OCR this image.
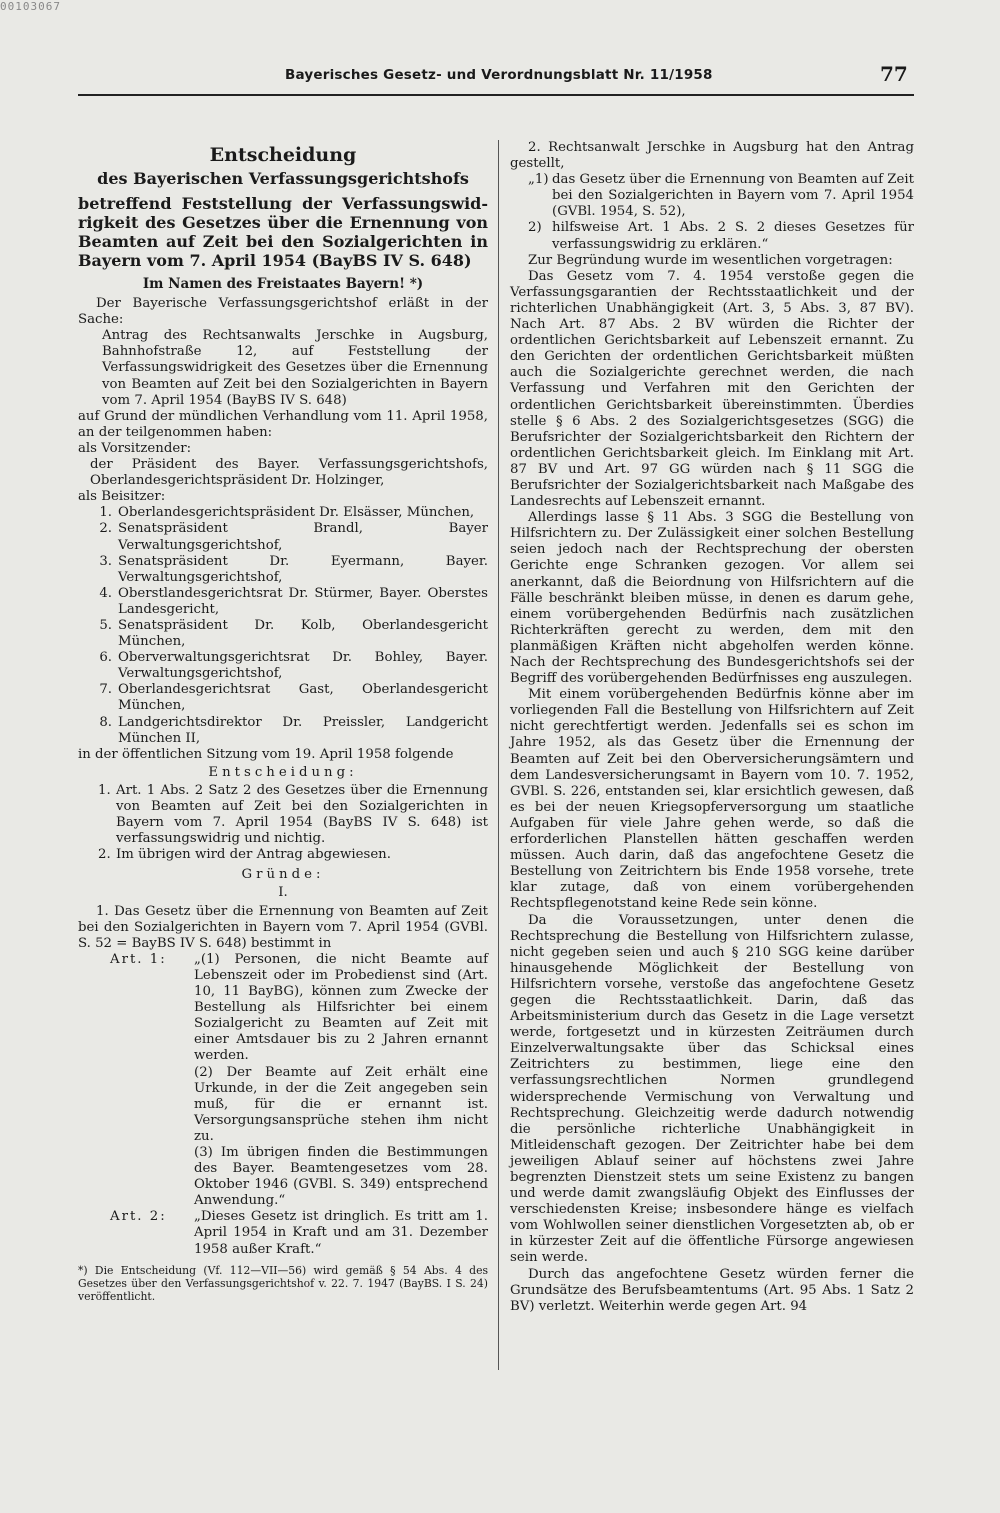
00103067
Bayerisches Gesetz- und Verordnungsblatt Nr. 11/1958	77

Entscheidung

des Bayerischen Verfassungsgerichtshofs

betreffend Feststellung der Verfassungswid-
rigkeit des Gesetzes über die Ernennung von
Beamten auf Zeit bei den Sozialgerichten in
Bayern vom 7. April 1954 (BayBS IV S. 648)

Im Namen des Freistaates Bayern! *)

Der Bayerische Verfassungsgerichtshof erläßt in der Sache:

Antrag des Rechtsanwalts Jerschke in Augsburg, Bahnhofstraße 12, auf Feststellung der Verfassungswidrigkeit des Gesetzes über die Ernennung von Beamten auf Zeit bei den Sozialgerichten in Bayern vom 7. April 1954 (BayBS IV S. 648)

auf Grund der mündlichen Verhandlung vom 11. April 1958, an der teilgenommen haben:

als Vorsitzender:

der Präsident des Bayer. Verfassungsgerichtshofs, Oberlandesgerichtspräsident Dr. Holzinger,

als Beisitzer:

1. Oberlandesgerichtspräsident Dr. Elsässer, München,
2. Senatspräsident Brandl, Bayer Verwaltungsgerichtshof,
3. Senatspräsident Dr. Eyermann, Bayer. Verwaltungsgerichtshof,
4. Oberstlandesgerichtsrat Dr. Stürmer, Bayer. Oberstes Landesgericht,
5. Senatspräsident Dr. Kolb, Oberlandesgericht München,
6. Oberverwaltungsgerichtsrat Dr. Bohley, Bayer. Verwaltungsgerichtshof,
7. Oberlandesgerichtsrat Gast, Oberlandesgericht München,
8. Landgerichtsdirektor Dr. Preissler, Landgericht München II,

in der öffentlichen Sitzung vom 19. April 1958 folgende

Entscheidung:

1. Art. 1 Abs. 2 Satz 2 des Gesetzes über die Ernennung von Beamten auf Zeit bei den Sozialgerichten in Bayern vom 7. April 1954 (BayBS IV S. 648) ist verfassungswidrig und nichtig.
2. Im übrigen wird der Antrag abgewiesen.

Gründe:

I.

1. Das Gesetz über die Ernennung von Beamten auf Zeit bei den Sozialgerichten in Bayern vom 7. April 1954 (GVBl. S. 52 = BayBS IV S. 648) bestimmt in

Art. 1:	„(1) Personen, die nicht Beamte auf Lebenszeit oder im Probedienst sind (Art. 10, 11 BayBG), können zum Zwecke der Bestellung als Hilfsrichter bei einem Sozialgericht zu Beamten auf Zeit mit einer Amtsdauer bis zu 2 Jahren ernannt werden.
(2) Der Beamte auf Zeit erhält eine Urkunde, in der die Zeit angegeben sein muß, für die er ernannt ist. Versorgungsansprüche stehen ihm nicht zu.
(3) Im übrigen finden die Bestimmungen des Bayer. Beamtengesetzes vom 28. Oktober 1946 (GVBl. S. 349) entsprechend Anwendung.“
Art. 2:	„Dieses Gesetz ist dringlich. Es tritt am 1. April 1954 in Kraft und am 31. Dezember 1958 außer Kraft.“

*) Die Entscheidung (Vf. 112—VII—56) wird gemäß § 54 Abs. 4 des Gesetzes über den Verfassungsgerichtshof v. 22. 7. 1947 (BayBS. I S. 24) veröffentlicht.

2. Rechtsanwalt Jerschke in Augsburg hat den Antrag gestellt,

„1) das Gesetz über die Ernennung von Beamten auf Zeit bei den Sozialgerichten in Bayern vom 7. April 1954 (GVBl. 1954, S. 52),
2) hilfsweise Art. 1 Abs. 2 S. 2 dieses Gesetzes für verfassungswidrig zu erklären.“

Zur Begründung wurde im wesentlichen vorgetragen:

Das Gesetz vom 7. 4. 1954 verstoße gegen die Verfassungsgarantien der Rechtsstaatlichkeit und der richterlichen Unabhängigkeit (Art. 3, 5 Abs. 3, 87 BV). Nach Art. 87 Abs. 2 BV würden die Richter der ordentlichen Gerichtsbarkeit auf Lebenszeit ernannt. Zu den Gerichten der ordentlichen Gerichtsbarkeit müßten auch die Sozialgerichte gerechnet werden, die nach Verfassung und Verfahren mit den Gerichten der ordentlichen Gerichtsbarkeit übereinstimmten. Überdies stelle § 6 Abs. 2 des Sozialgerichtsgesetzes (SGG) die Berufsrichter der Sozialgerichtsbarkeit den Richtern der ordentlichen Gerichtsbarkeit gleich. Im Einklang mit Art. 87 BV und Art. 97 GG würden nach § 11 SGG die Berufsrichter der Sozialgerichtsbarkeit nach Maßgabe des Landesrechts auf Lebenszeit ernannt.

Allerdings lasse § 11 Abs. 3 SGG die Bestellung von Hilfsrichtern zu. Der Zulässigkeit einer solchen Bestellung seien jedoch nach der Rechtsprechung der obersten Gerichte enge Schranken gezogen. Vor allem sei anerkannt, daß die Beiordnung von Hilfsrichtern auf die Fälle beschränkt bleiben müsse, in denen es darum gehe, einem vorübergehenden Bedürfnis nach zusätzlichen Richterkräften gerecht zu werden, dem mit den planmäßigen Kräften nicht abgeholfen werden könne. Nach der Rechtsprechung des Bundesgerichtshofs sei der Begriff des vorübergehenden Bedürfnisses eng auszulegen.

Mit einem vorübergehenden Bedürfnis könne aber im vorliegenden Fall die Bestellung von Hilfsrichtern auf Zeit nicht gerechtfertigt werden. Jedenfalls sei es schon im Jahre 1952, als das Gesetz über die Ernennung der Beamten auf Zeit bei den Oberversicherungsämtern und dem Landesversicherungsamt in Bayern vom 10. 7. 1952, GVBl. S. 226, entstanden sei, klar ersichtlich gewesen, daß es bei der neuen Kriegsopferversorgung um staatliche Aufgaben für viele Jahre gehen werde, so daß die erforderlichen Planstellen hätten geschaffen werden müssen. Auch darin, daß das angefochtene Gesetz die Bestellung von Zeitrichtern bis Ende 1958 vorsehe, trete klar zutage, daß von einem vorübergehenden Rechtspflegenotstand keine Rede sein könne.

Da die Voraussetzungen, unter denen die Rechtsprechung die Bestellung von Hilfsrichtern zulasse, nicht gegeben seien und auch § 210 SGG keine darüber hinausgehende Möglichkeit der Bestellung von Hilfsrichtern vorsehe, verstoße das angefochtene Gesetz gegen die Rechtsstaatlichkeit. Darin, daß das Arbeitsministerium durch das Gesetz in die Lage versetzt werde, fortgesetzt und in kürzesten Zeiträumen durch Einzelverwaltungsakte über das Schicksal eines Zeitrichters zu bestimmen, liege eine den verfassungsrechtlichen Normen grundlegend widersprechende Vermischung von Verwaltung und Rechtsprechung. Gleichzeitig werde dadurch notwendig die persönliche richterliche Unabhängigkeit in Mitleidenschaft gezogen. Der Zeitrichter habe bei dem jeweiligen Ablauf seiner auf höchstens zwei Jahre begrenzten Dienstzeit stets um seine Existenz zu bangen und werde damit zwangsläufig Objekt des Einflusses der verschiedensten Kreise; insbesondere hänge es vielfach vom Wohlwollen seiner dienstlichen Vorgesetzten ab, ob er in kürzester Zeit auf die öffentliche Fürsorge angewiesen sein werde.

Durch das angefochtene Gesetz würden ferner die Grundsätze des Berufsbeamtentums (Art. 95 Abs. 1 Satz 2 BV) verletzt. Weiterhin werde gegen Art. 94
